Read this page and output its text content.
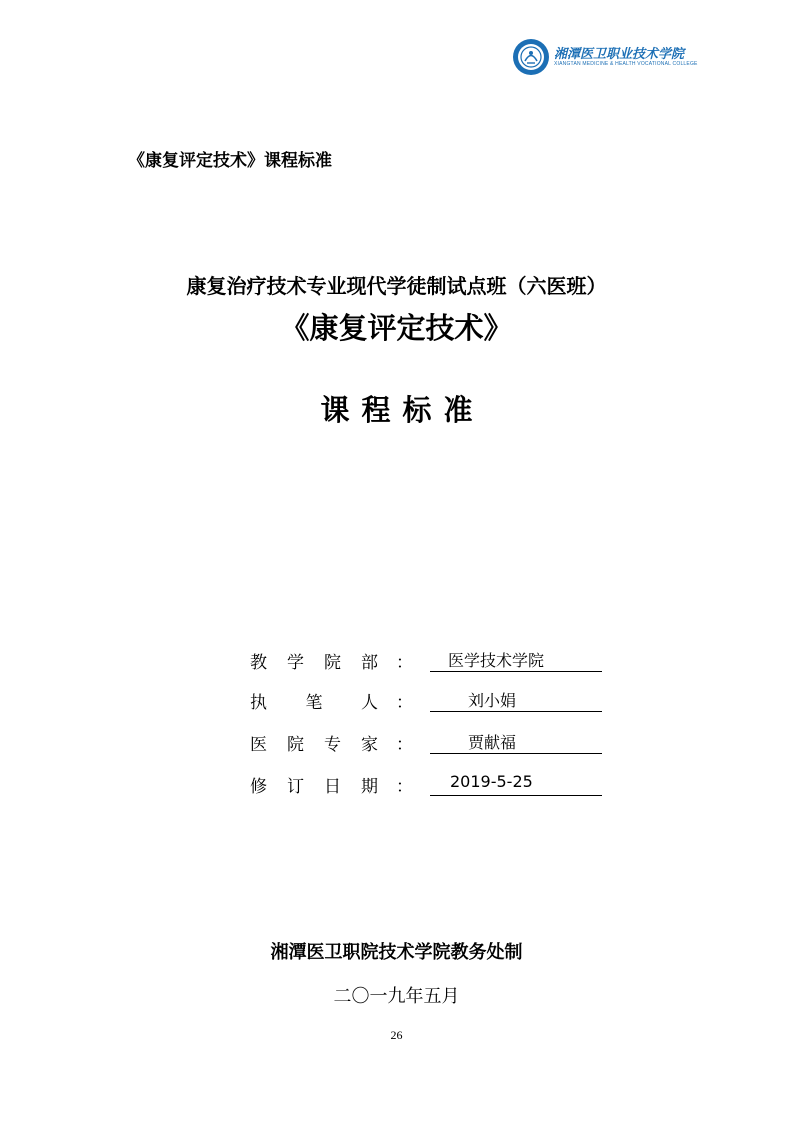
湘潭医卫职业技术学院
XIANGTAN MEDICINE & HEALTH VOCATIONAL COLLEGE
《康复评定技术》课程标准
康复治疗技术专业现代学徒制试点班（六医班）
《康复评定技术》
课程标准
教 学 院 部 ：	医学技术学院
执 笔 人 ：	刘小娟
医 院 专 家 ：	贾献福
修 订 日 期 ：	2019-5-25
湘潭医卫职院技术学院教务处制
二〇一九年五月
26
